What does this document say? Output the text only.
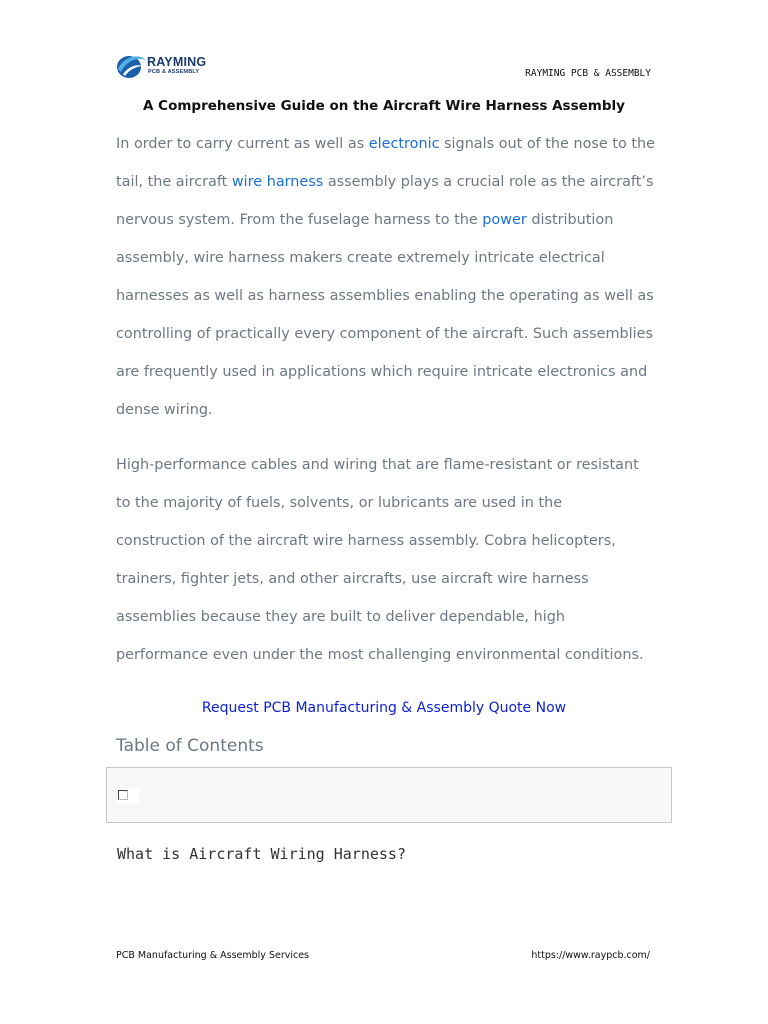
RAYMING
PCB & ASSEMBLY	RAYMING PCB & ASSEMBLY
A Comprehensive Guide on the Aircraft Wire Harness Assembly

In order to carry current as well as electronic signals out of the nose to the tail, the aircraft wire harness assembly plays a crucial role as the aircraft’s nervous system. From the fuselage harness to the power distribution assembly, wire harness makers create extremely intricate electrical harnesses as well as harness assemblies enabling the operating as well as controlling of practically every component of the aircraft. Such assemblies are frequently used in applications which require intricate electronics and dense wiring.

High-performance cables and wiring that are flame-resistant or resistant to the majority of fuels, solvents, or lubricants are used in the construction of the aircraft wire harness assembly. Cobra helicopters, trainers, fighter jets, and other aircrafts, use aircraft wire harness assemblies because they are built to deliver dependable, high performance even under the most challenging environmental conditions.

Request PCB Manufacturing & Assembly Quote Now
Table of Contents
What is Aircraft Wiring Harness?
PCB Manufacturing & Assembly Services	https://www.raypcb.com/
